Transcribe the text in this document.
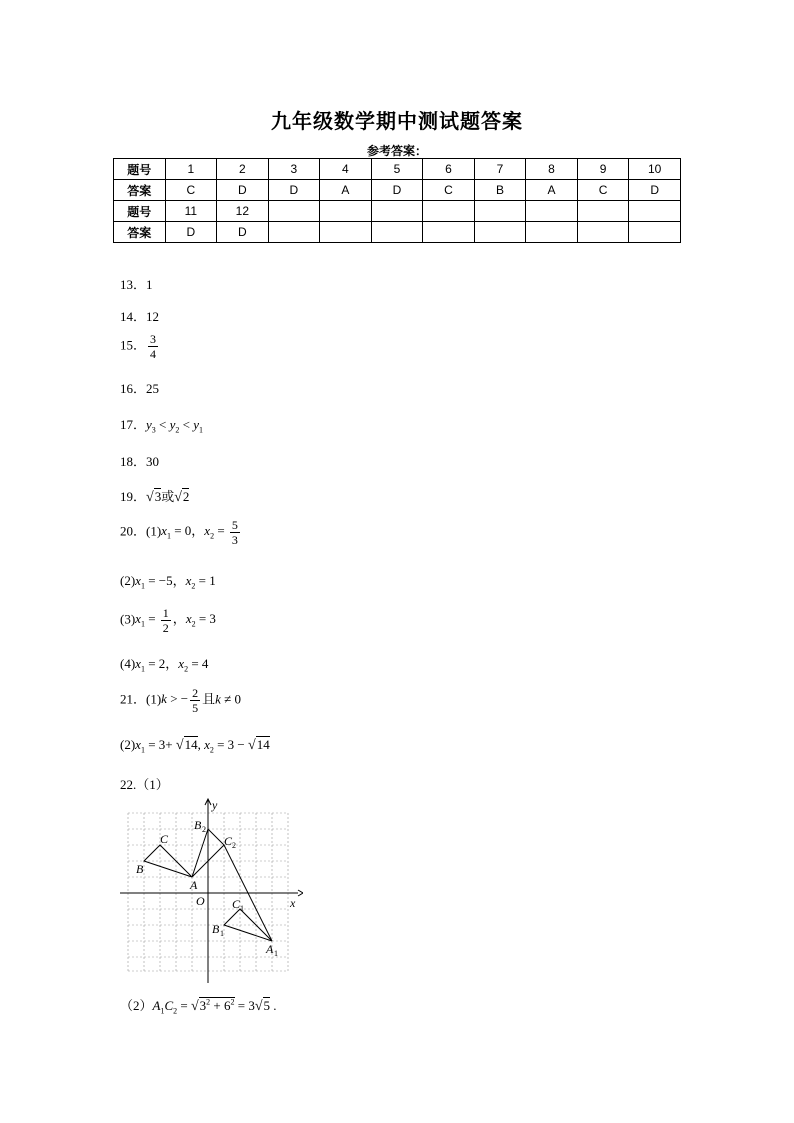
九年级数学期中测试题答案
参考答案：
题号	1	2	3	4	5	6	7	8	9	10
答案	C	D	D	A	D	C	B	A	C	D
题号	11	12								
答案	D	D								
13．1
14．12
15． $\frac{3}{4}$
16．25
17．$y_3 < y_2 < y_1$
18．30
19．√3或√2
20．$(1)x_1 = 0$，$x_2 = \frac{5}{3}$
$(2)x_1 = -5$，$x_2 = 1$
$(3)x_1 = \frac{1}{2}$ ，$x_2 = 3$
$(4)x_1 = 2$，$x_2 = 4$
21．(1)k > − $\frac{2}{5}$ 且k ≠ 0
$(2)x_1 = 3+ √14$, $x_2 = 3 - √14$
22.（1）
y
x
O
A
B
C
B 2
C 2
C 1
B 1
A 1
$(2)A_1C_2 = √3^2 + 6^2 = 3√5$ .
